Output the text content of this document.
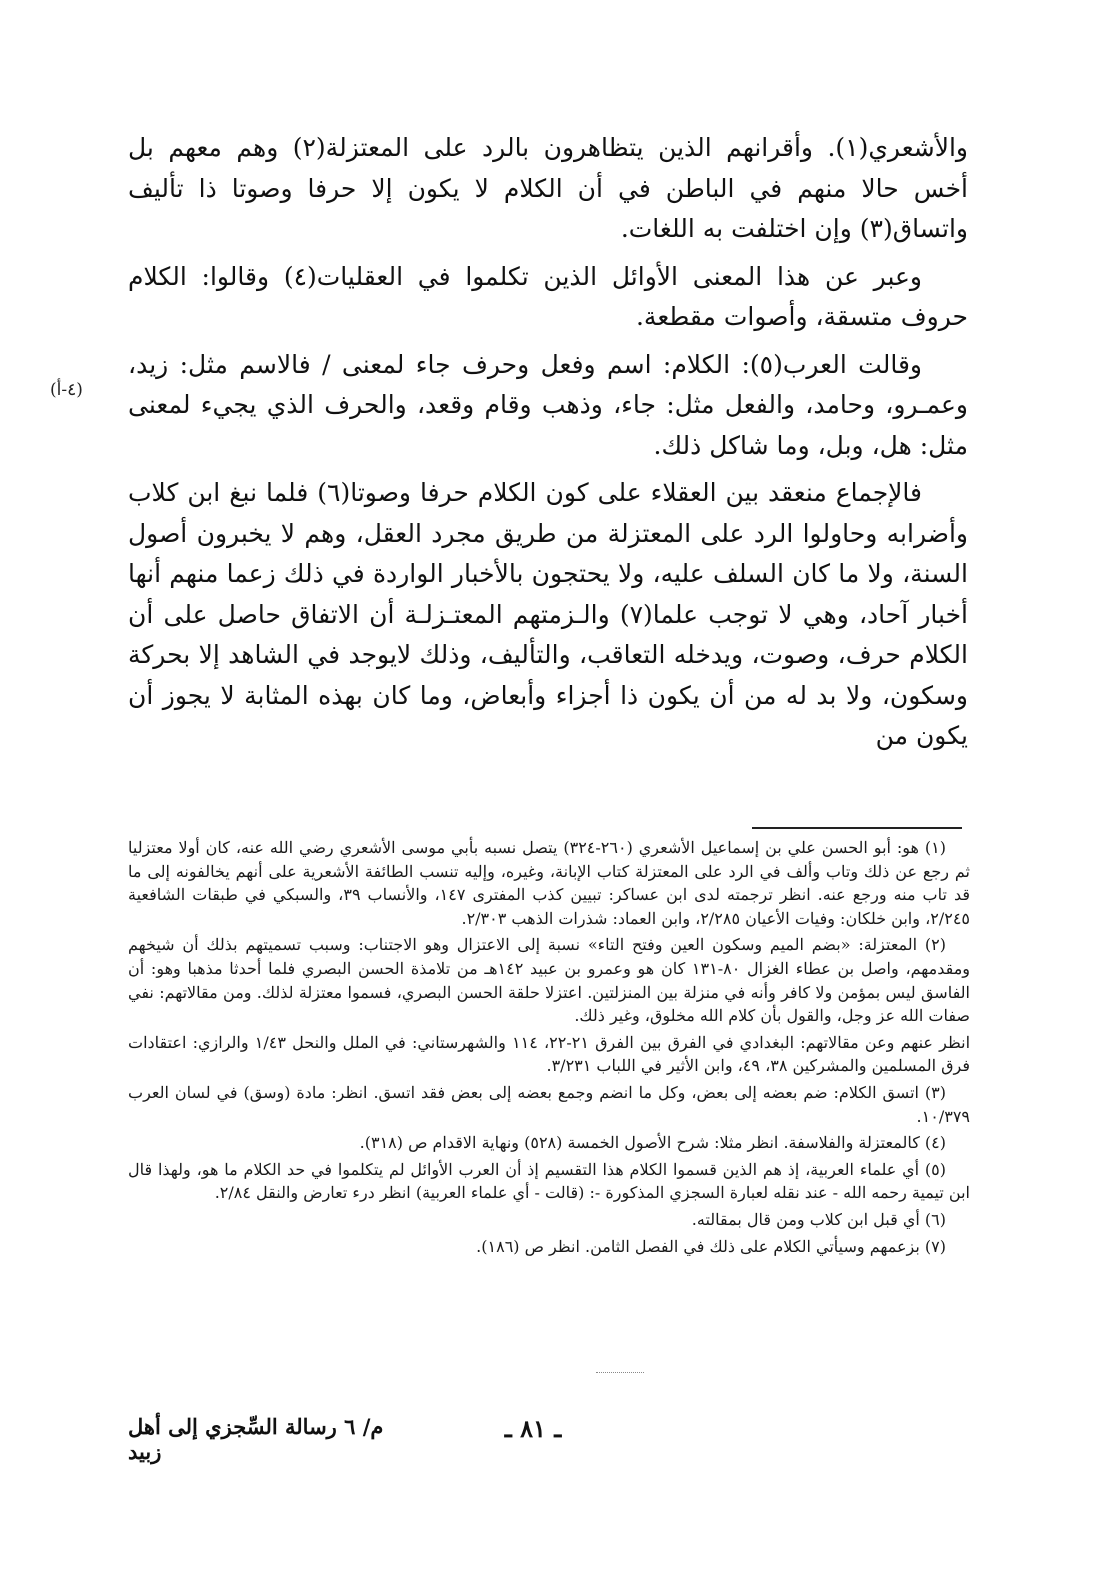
والأشعري(١). وأقرانهم الذين يتظاهرون بالرد على المعتزلة(٢) وهم معهم بل أخس حالا منهم في الباطن في أن الكلام لا يكون إلا حرفا وصوتا ذا تأليف واتساق(٣) وإن اختلفت به اللغات.

وعبر عن هذا المعنى الأوائل الذين تكلموا في العقليات(٤) وقالوا: الكلام حروف متسقة، وأصوات مقطعة.

وقالت العرب(٥): الكلام: اسم وفعل وحرف جاء لمعنى / فالاسم مثل: زيد، وعمـرو، وحامد، والفعل مثل: جاء، وذهب وقام وقعد، والحرف الذي يجيء لمعنى مثل: هل، وبل، وما شاكل ذلك.

فالإجماع منعقد بين العقلاء على كون الكلام حرفا وصوتا(٦) فلما نبغ ابن كلاب وأضرابه وحاولوا الرد على المعتزلة من طريق مجرد العقل، وهم لا يخبرون أصول السنة، ولا ما كان السلف عليه، ولا يحتجون بالأخبار الواردة في ذلك زعما منهم أنها أخبار آحاد، وهي لا توجب علما(٧) والـزمتهم المعتـزلـة أن الاتفاق حاصل على أن الكلام حرف، وصوت، ويدخله التعاقب، والتأليف، وذلك لايوجد في الشاهد إلا بحركة وسكون، ولا بد له من أن يكون ذا أجزاء وأبعاض، وما كان بهذه المثابة لا يجوز أن يكون من

(٤-أ)

(١) هو: أبو الحسن علي بن إسماعيل الأشعري (٢٦٠-٣٢٤) يتصل نسبه بأبي موسى الأشعري رضي الله عنه، كان أولا معتزليا ثم رجع عن ذلك وتاب وألف في الرد على المعتزلة كتاب الإبانة، وغيره، وإليه تنسب الطائفة الأشعرية على أنهم يخالفونه إلى ما قد تاب منه ورجع عنه. انظر ترجمته لدى ابن عساكر: تبيين كذب المفترى ١٤٧، والأنساب ٣٩، والسبكي في طبقات الشافعية ٢/٢٤٥، وابن خلكان: وفيات الأعيان ٢/٢٨٥، وابن العماد: شذرات الذهب ٢/٣٠٣.

(٢) المعتزلة: «بضم الميم وسكون العين وفتح التاء» نسبة إلى الاعتزال وهو الاجتناب: وسبب تسميتهم بذلك أن شيخهم ومقدمهم، واصل بن عطاء الغزال ٨٠-١٣١ كان هو وعمرو بن عبيد ١٤٢هـ من تلامذة الحسن البصري فلما أحدثا مذهبا وهو: أن الفاسق ليس بمؤمن ولا كافر وأنه في منزلة بين المنزلتين. اعتزلا حلقة الحسن البصري، فسموا معتزلة لذلك. ومن مقالاتهم: نفي صفات الله عز وجل، والقول بأن كلام الله مخلوق، وغير ذلك.

انظر عنهم وعن مقالاتهم: البغدادي في الفرق بين الفرق ٢١-٢٢، ١١٤ والشهرستاني: في الملل والنحل ١/٤٣ والرازي: اعتقادات فرق المسلمين والمشركين ٣٨، ٤٩، وابن الأثير في اللباب ٣/٢٣١.

(٣) اتسق الكلام: ضم بعضه إلى بعض، وكل ما انضم وجمع بعضه إلى بعض فقد اتسق. انظر: مادة (وسق) في لسان العرب ١٠/٣٧٩.

(٤) كالمعتزلة والفلاسفة. انظر مثلا: شرح الأصول الخمسة (٥٢٨) ونهاية الاقدام ص (٣١٨).

(٥) أي علماء العربية، إذ هم الذين قسموا الكلام هذا التقسيم إذ أن العرب الأوائل لم يتكلموا في حد الكلام ما هو، ولهذا قال ابن تيمية رحمه الله - عند نقله لعبارة السجزي المذكورة -: (قالت - أي علماء العربية) انظر درء تعارض والنقل ٢/٨٤.

(٦) أي قبل ابن كلاب ومن قال بمقالته.

(٧) بزعمهم وسيأتي الكلام على ذلك في الفصل الثامن. انظر ص (١٨٦).

ـ ٨١ ـ
م/ ٦ رسالة السِّجزي إلى أهل زبيد
